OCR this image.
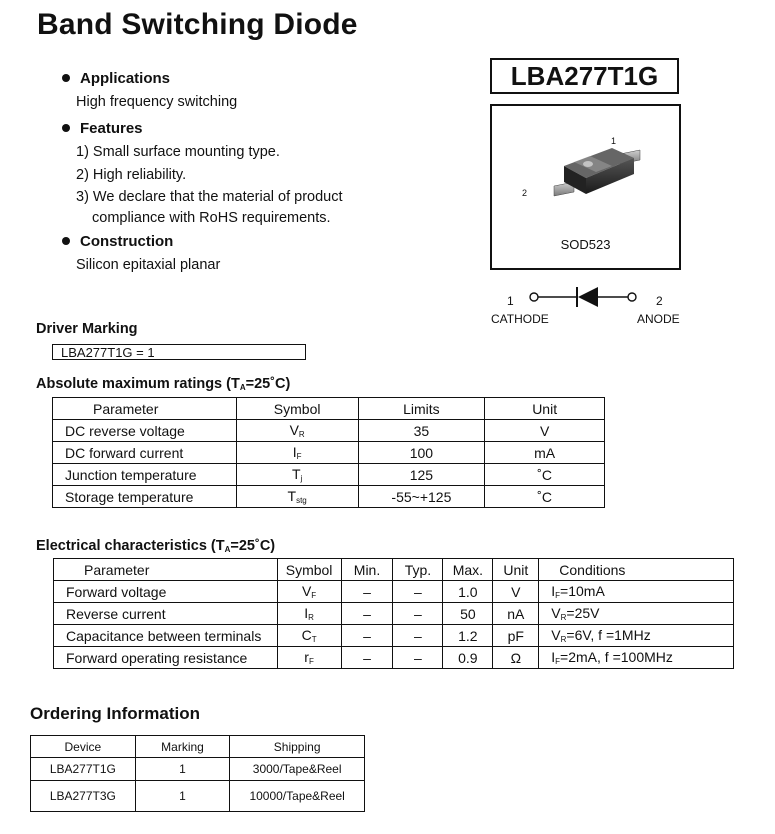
Band Switching Diode
LBA277T1G
Applications
High frequency switching
Features
1) Small surface mounting type.
2) High reliability.
3) We declare that the material of product
compliance with RoHS requirements.
Construction
Silicon epitaxial planar
1
2
SOD523
1	2
CATHODE	ANODE
Driver Marking
LBA277T1G = 1
Absolute maximum ratings $(T_A=25˚C)$
Parameter	Symbol	Limits	Unit
DC reverse voltage	$V_R$	35	V
DC forward current	$I_F$	100	mA
Junction temperature	$T_j$	125	˚C
Storage temperature	$T_{stg}$	-55~+125	˚C
Electrical characteristics $(T_A=25˚C)$
Parameter	Symbol	Min.	Typ.	Max.	Unit	Conditions
Forward voltage	$V_F$	–	–	1.0	V	$I_F=10mA$
Reverse current	$I_R$	–	–	50	nA	$V_R=25V$
Capacitance between terminals	$C_T$	–	–	1.2	pF	$V_R=6V$, f =1MHz
Forward operating resistance	$r_F$	–	–	0.9	Ω	$I_F=2mA$, f =100MHz
Ordering Information
Device	Marking	Shipping
LBA277T1G	1	3000/Tape&Reel
LBA277T3G	1	10000/Tape&Reel
